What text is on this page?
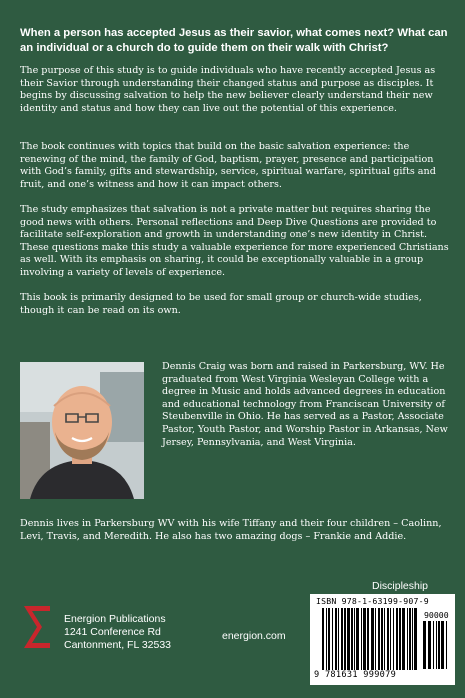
When a person has accepted Jesus as their savior, what comes next? What can an individual or a church do to guide them on their walk with Christ?

The purpose of this study is to guide individuals who have recently accepted Jesus as their Savior through understanding their changed status and purpose as disciples. It begins by discussing salvation to help the new believer clearly understand their new identity and status and how they can live out the potential of this experience.

The book continues with topics that build on the basic salvation experience: the renewing of the mind, the family of God, baptism, prayer, presence and participation with God’s family, gifts and stewardship, service, spiritual warfare, spiritual gifts and fruit, and one’s witness and how it can impact others.

The study emphasizes that salvation is not a private matter but requires sharing the good news with others. Personal reflections and Deep Dive Questions are provided to facilitate self-exploration and growth in understanding one’s new identity in Christ. These questions make this study a valuable experience for more experienced Christians as well. With its emphasis on sharing, it could be exceptionally valuable in a group involving a variety of levels of experience.

This book is primarily designed to be used for small group or church-wide studies, though it can be read on its own.

Dennis Craig was born and raised in Parkersburg, WV. He graduated from West Virginia Wesleyan College with a degree in Music and holds advanced degrees in education and educational technology from Franciscan University of Steubenville in Ohio. He has served as a Pastor, Associate Pastor, Youth Pastor, and Worship Pastor in Arkansas, New Jersey, Pennsylvania, and West Virginia.

Dennis lives in Parkersburg WV with his wife Tiffany and their four children – Caolinn, Levi, Travis, and Meredith. He also has two amazing dogs – Frankie and Addie.

Discipleship
Energion Publications
1241 Conference Rd
Cantonment, FL 32533
energion.com
ISBN 978-1-63199-907-9
90000
9 781631 999079
